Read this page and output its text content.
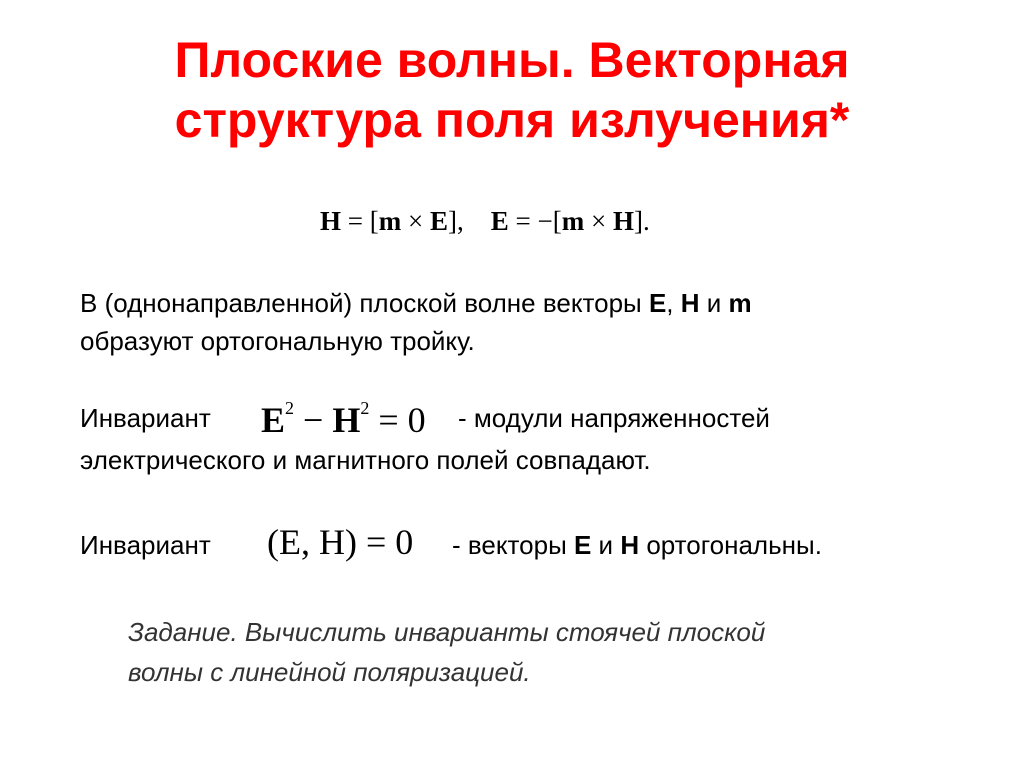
Плоские волны. Векторная
структура поля излучения*
H = [m × E], E = −[m × H].

В (однонаправленной) плоской волне векторы E, H и m
образуют ортогональную тройку.

Инвариант $E^2 - H^2 = 0$ - модули напряженностей
электрического и магнитного полей совпадают.
Инвариант (E, H) = 0 - векторы E и H ортогональны.

Задание. Вычислить инварианты стоячей плоской
волны с линейной поляризацией.
